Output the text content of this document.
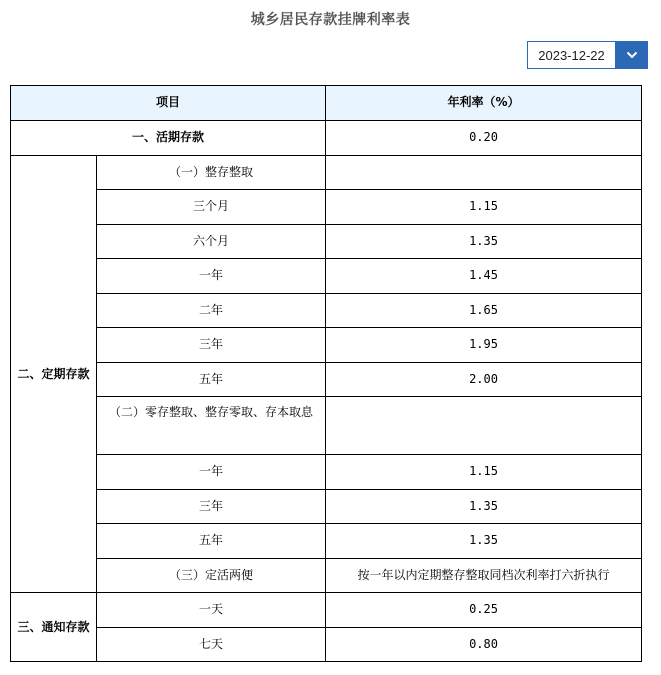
城乡居民存款挂牌利率表
2023-12-22
项目		年利率（%）
一、活期存款		0.20
二、定期存款	（一）整存整取	
	三个月	1.15
	六个月	1.35
	一年	1.45
	二年	1.65
	三年	1.95
	五年	2.00
	（二）零存整取、整存零取、存本取息	
	一年	1.15
	三年	1.35
	五年	1.35
	（三）定活两便	按一年以内定期整存整取同档次利率打六折执行
三、通知存款	一天	0.25
	七天	0.80
